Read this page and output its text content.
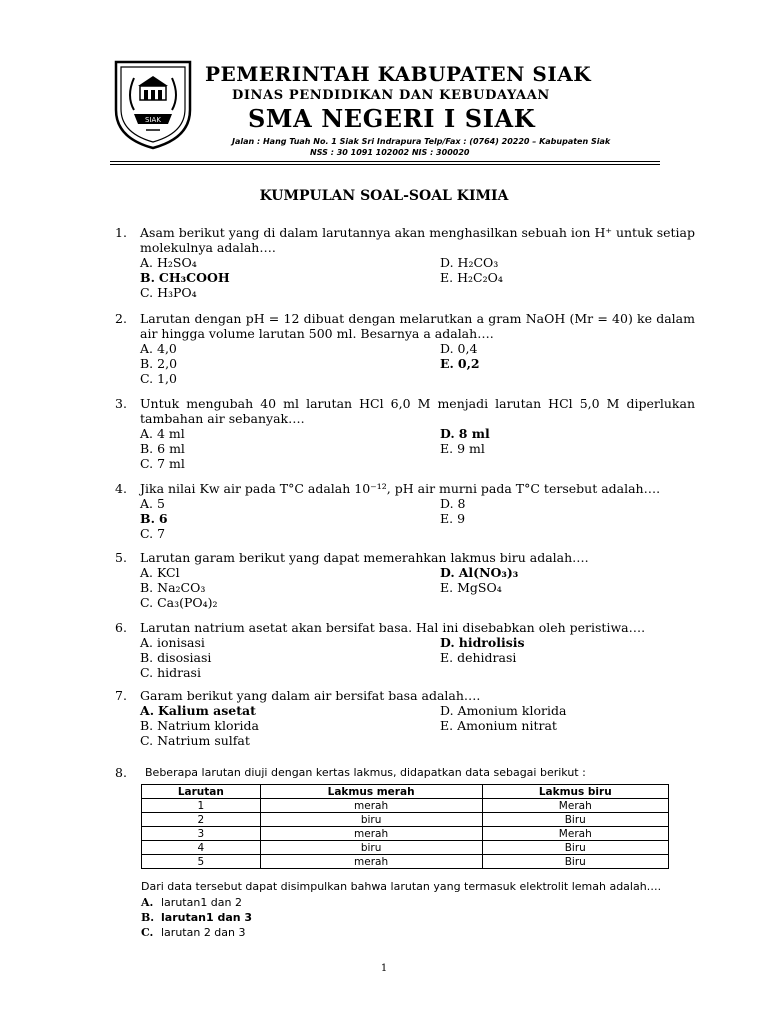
SIAK
PEMERINTAH KABUPATEN SIAK
DINAS PENDIDIKAN DAN KEBUDAYAAN
SMA NEGERI I SIAK
Jalan : Hang Tuah No. 1 Siak Sri Indrapura Telp/Fax : (0764) 20220 – Kabupaten Siak
NSS : 30 1091 102002 NIS : 300020
KUMPULAN SOAL-SOAL KIMIA
1. Asam berikut yang di dalam larutannya akan menghasilkan sebuah ion H⁺ untuk setiap molekulnya adalah….
A. H₂SO₄	D. H₂CO₃
B. CH₃COOH	E. H₂C₂O₄
C. H₃PO₄
2. Larutan dengan pH = 12 dibuat dengan melarutkan a gram NaOH (Mr = 40) ke dalam air hingga volume larutan 500 ml. Besarnya a adalah….
A. 4,0	D. 0,4
B. 2,0	E. 0,2
C. 1,0
3. Untuk mengubah 40 ml larutan HCl 6,0 M menjadi larutan HCl 5,0 M diperlukan tambahan air sebanyak….
A. 4 ml	D. 8 ml
B. 6 ml	E. 9 ml
C. 7 ml
4. Jika nilai Kw air pada T°C adalah 10⁻¹², pH air murni pada T°C tersebut adalah….
A. 5	D. 8
B. 6	E. 9
C. 7
5. Larutan garam berikut yang dapat memerahkan lakmus biru adalah….
A. KCl	D. Al(NO₃)₃
B. Na₂CO₃	E. MgSO₄
C. Ca₃(PO₄)₂
6. Larutan natrium asetat akan bersifat basa. Hal ini disebabkan oleh peristiwa….
A. ionisasi	D. hidrolisis
B. disosiasi	E. dehidrasi
C. hidrasi
7. Garam berikut yang dalam air bersifat basa adalah….
A. Kalium asetat	D. Amonium klorida
B. Natrium klorida	E. Amonium nitrat
C. Natrium sulfat
8. Beberapa larutan diuji dengan kertas lakmus, didapatkan data sebagai berikut :
Larutan	Lakmus merah	Lakmus biru
1	merah	Merah
2	biru	Biru
3	merah	Merah
4	biru	Biru
5	merah	Biru
Dari data tersebut dapat disimpulkan bahwa larutan yang termasuk elektrolit lemah adalah….
A. larutan1 dan 2
B. larutan1 dan 3
C. larutan 2 dan 3
1
